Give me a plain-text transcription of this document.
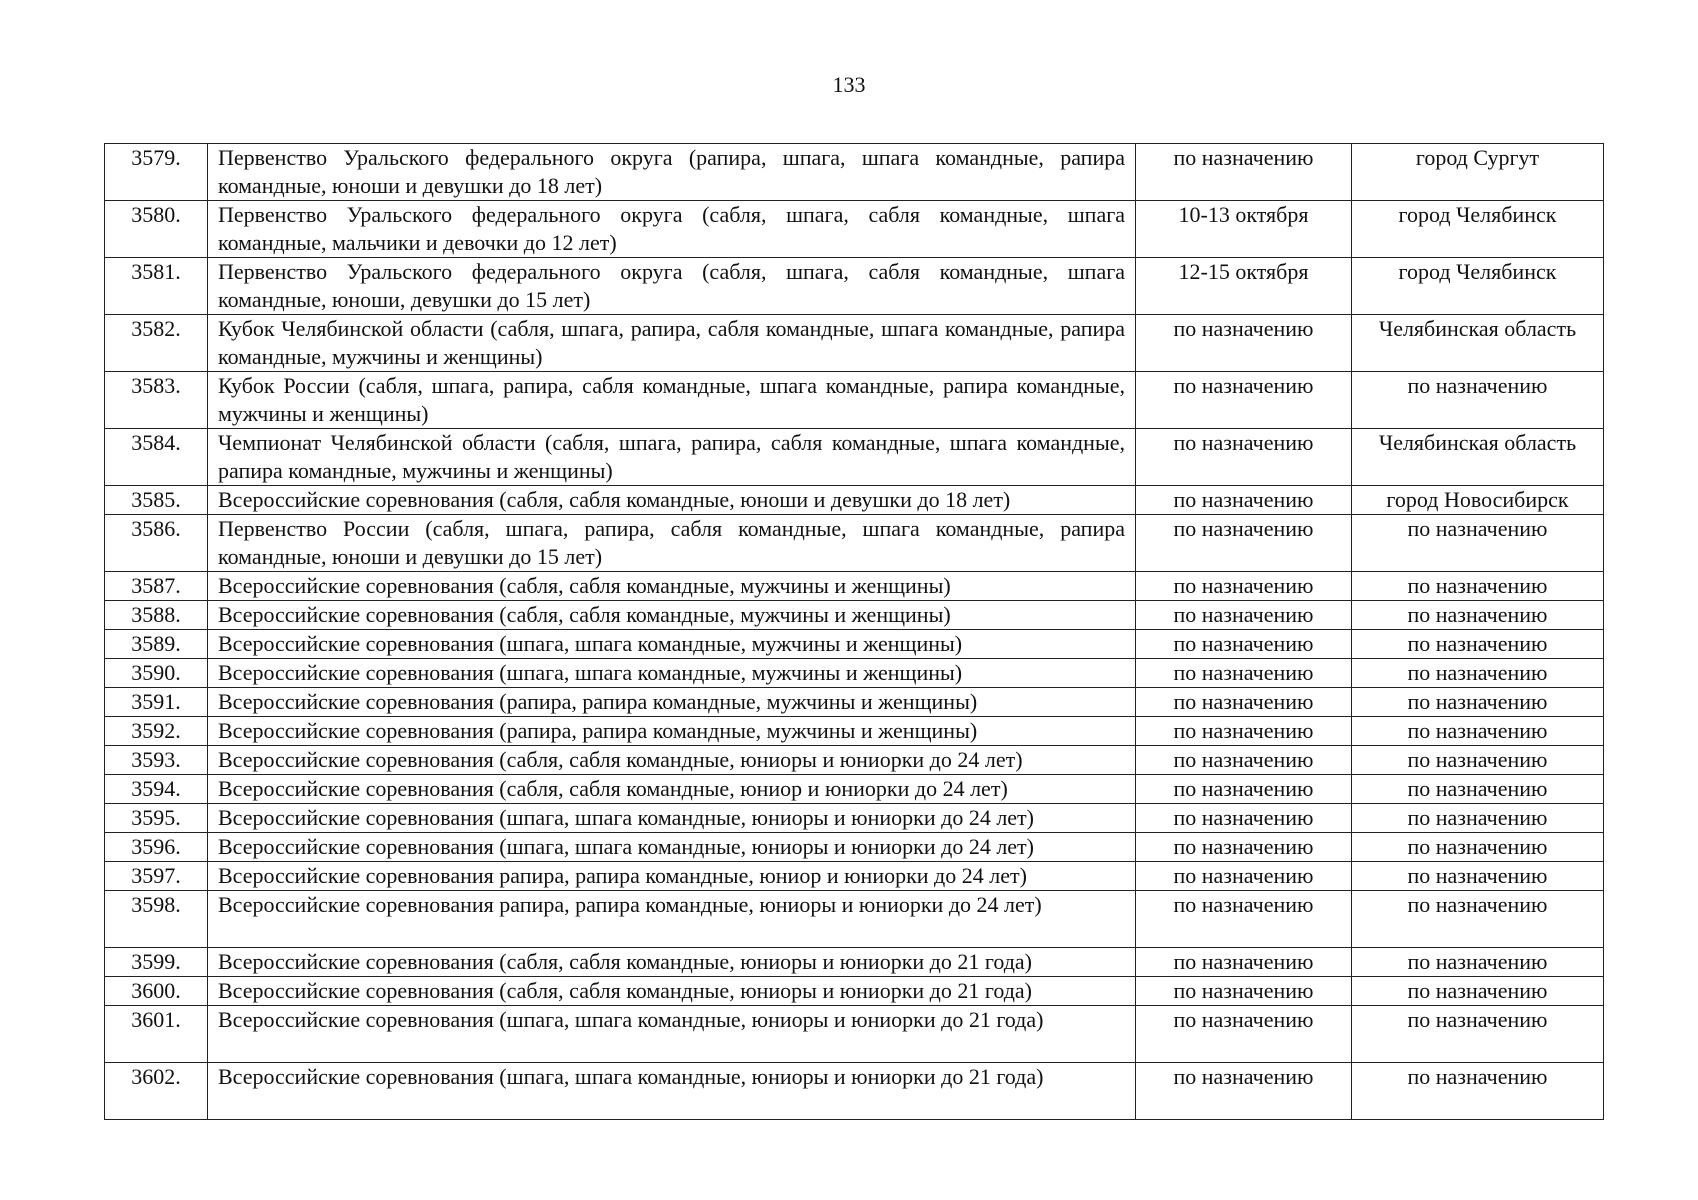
133
3579.	Первенство Уральского федерального округа (рапира, шпага, шпага командные, рапира командные, юноши и девушки до 18 лет)	по назначению	город Сургут
3580.	Первенство Уральского федерального округа (сабля, шпага, сабля командные, шпага командные, мальчики и девочки до 12 лет)	10-13 октября	город Челябинск
3581.	Первенство Уральского федерального округа (сабля, шпага, сабля командные, шпага командные, юноши, девушки до 15 лет)	12-15 октября	город Челябинск
3582.	Кубок Челябинской области (сабля, шпага, рапира, сабля командные, шпага командные, рапира командные, мужчины и женщины)	по назначению	Челябинская область
3583.	Кубок России (сабля, шпага, рапира, сабля командные, шпага командные, рапира командные, мужчины и женщины)	по назначению	по назначению
3584.	Чемпионат Челябинской области (сабля, шпага, рапира, сабля командные, шпага командные, рапира командные, мужчины и женщины)	по назначению	Челябинская область
3585.	Всероссийские соревнования (сабля, сабля командные, юноши и девушки до 18 лет)	по назначению	город Новосибирск
3586.	Первенство России (сабля, шпага, рапира, сабля командные, шпага командные, рапира командные, юноши и девушки до 15 лет)	по назначению	по назначению
3587.	Всероссийские соревнования (сабля, сабля командные, мужчины и женщины)	по назначению	по назначению
3588.	Всероссийские соревнования (сабля, сабля командные, мужчины и женщины)	по назначению	по назначению
3589.	Всероссийские соревнования (шпага, шпага командные, мужчины и женщины)	по назначению	по назначению
3590.	Всероссийские соревнования (шпага, шпага командные, мужчины и женщины)	по назначению	по назначению
3591.	Всероссийские соревнования (рапира, рапира командные, мужчины и женщины)	по назначению	по назначению
3592.	Всероссийские соревнования (рапира, рапира командные, мужчины и женщины)	по назначению	по назначению
3593.	Всероссийские соревнования (сабля, сабля командные, юниоры и юниорки до 24 лет)	по назначению	по назначению
3594.	Всероссийские соревнования (сабля, сабля командные, юниор и юниорки до 24 лет)	по назначению	по назначению
3595.	Всероссийские соревнования (шпага, шпага командные, юниоры и юниорки до 24 лет)	по назначению	по назначению
3596.	Всероссийские соревнования (шпага, шпага командные, юниоры и юниорки до 24 лет)	по назначению	по назначению
3597.	Всероссийские соревнования рапира, рапира командные, юниор и юниорки до 24 лет)	по назначению	по назначению
3598.	Всероссийские соревнования рапира, рапира командные, юниоры и юниорки до 24 лет)	по назначению	по назначению
3599.	Всероссийские соревнования (сабля, сабля командные, юниоры и юниорки до 21 года)	по назначению	по назначению
3600.	Всероссийские соревнования (сабля, сабля командные, юниоры и юниорки до 21 года)	по назначению	по назначению
3601.	Всероссийские соревнования (шпага, шпага командные, юниоры и юниорки до 21 года)	по назначению	по назначению
3602.	Всероссийские соревнования (шпага, шпага командные, юниоры и юниорки до 21 года)	по назначению	по назначению
